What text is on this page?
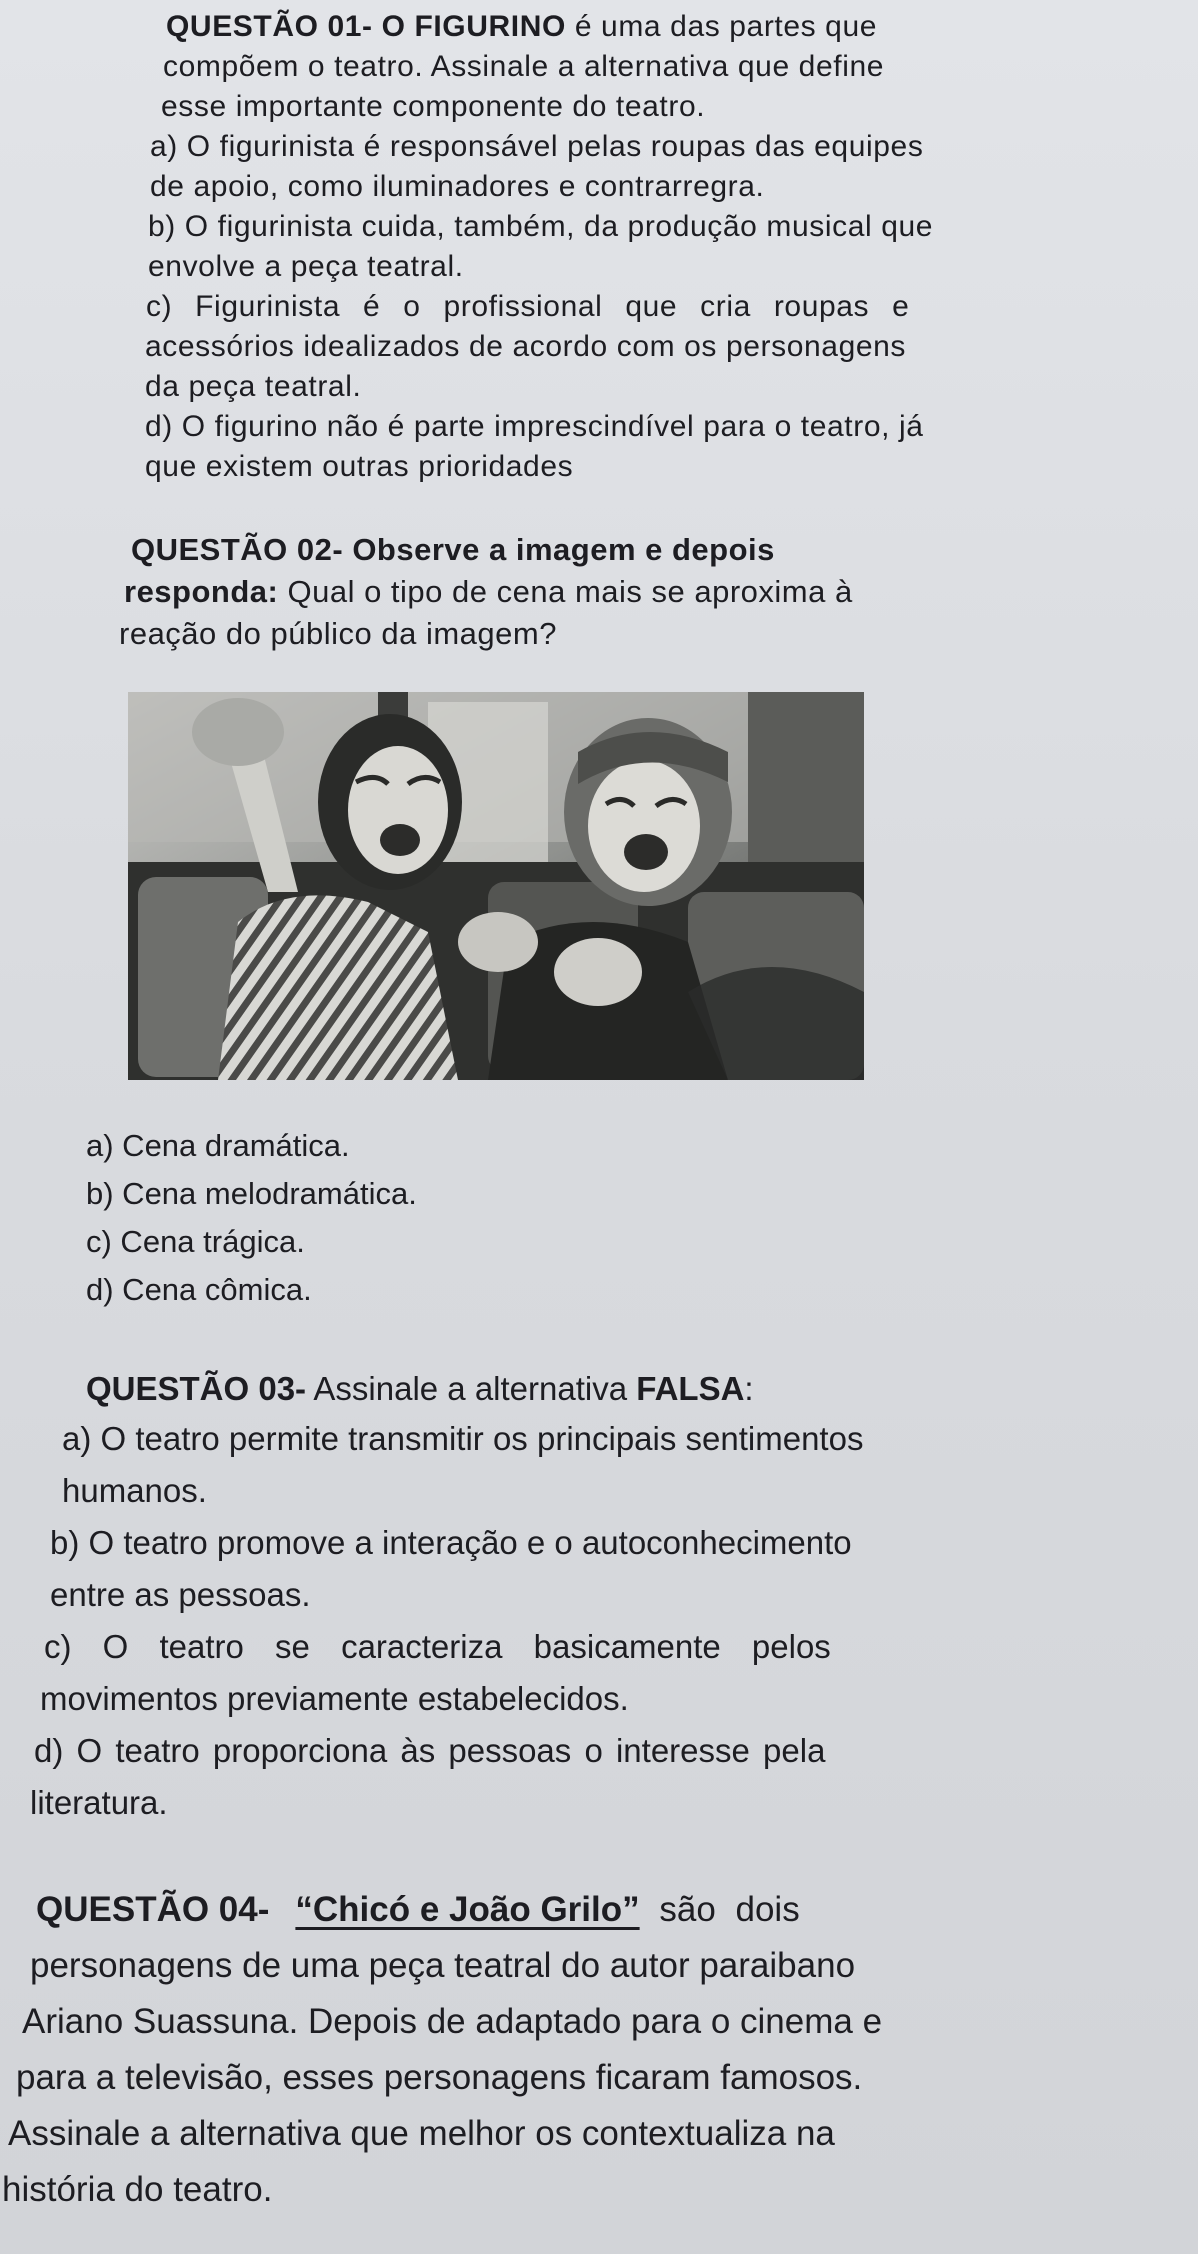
QUESTÃO 01- O FIGURINO é uma das partes que
compõem o teatro. Assinale a alternativa que define
esse importante componente do teatro.
a) O figurinista é responsável pelas roupas das equipes
de apoio, como iluminadores e contrarregra.
b) O figurinista cuida, também, da produção musical que
envolve a peça teatral.
c) Figurinista é o profissional que cria roupas e
acessórios idealizados de acordo com os personagens
da peça teatral.
d) O figurino não é parte imprescindível para o teatro, já
que existem outras prioridades
QUESTÃO 02- Observe a imagem e depois
responda: Qual o tipo de cena mais se aproxima à
reação do público da imagem?
a) Cena dramática.
b) Cena melodramática.
c) Cena trágica.
d) Cena cômica.
QUESTÃO 03- Assinale a alternativa FALSA:
a) O teatro permite transmitir os principais sentimentos
humanos.
b) O teatro promove a interação e o autoconhecimento
entre as pessoas.
c) O teatro se caracteriza basicamente pelos
movimentos previamente estabelecidos.
d) O teatro proporciona às pessoas o interesse pela
literatura.
QUESTÃO 04- “Chicó e João Grilo” são dois
personagens de uma peça teatral do autor paraibano
Ariano Suassuna. Depois de adaptado para o cinema e
para a televisão, esses personagens ficaram famosos.
Assinale a alternativa que melhor os contextualiza na
história do teatro.
